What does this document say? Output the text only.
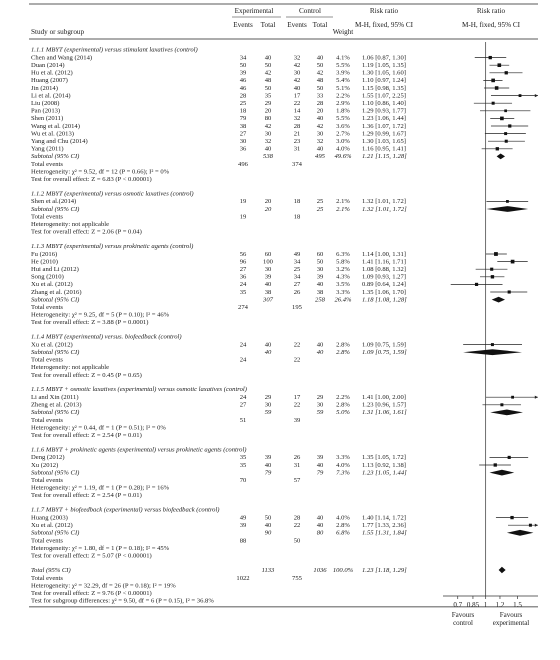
Experimental	Control	Risk ratio	Risk ratio
Study or subgroup
Events Total Events Total
Weight
M-H, fixed, 95% CI	M-H, fixed, 95% CI
1.1.1 MBYT (experimental) versus stimulant laxatives (control)
Chen and Wang (2014)	34	40	32 40 4.1% 1.06 [0.87, 1.30]
Duan (2014)	50	50	42 50 5.5% 1.19 [1.05, 1.35]
Hu et al. (2012)	39	42	30 42 3.9% 1.30 [1.05, 1.60]
Huang (2007)	46	48	42 48 5.4% 1.10 [0.97, 1.24]
Jin (2014)	46	50	40 50 5.1% 1.15 [0.98, 1.35]
Li et al. (2014)	28	35	17 33 2.2% 1.55 [1.07, 2.25]
Liu (2008)	25	29	22 28 2.9% 1.10 [0.86, 1.40]
Pan (2013)	18	20	14 20 1.8% 1.29 [0.93, 1.77]
Shen (2011)	79	80	32 40 5.5% 1.23 [1.06, 1.44]
Wang et al. (2014)	38	42	28 42 3.6% 1.36 [1.07, 1.72]
Wu et al. (2013)	27	30	21 30 2.7% 1.29 [0.99, 1.67]
Yang and Chu (2014)	30	32	23 32 3.0% 1.30 [1.03, 1.65]
Yang (2011)	36	40	31 40 4.0% 1.16 [0.95, 1.41]
Subtotal (95% CI)	538	495 49.6% 1.21 [1.15, 1.28]
Total events	496	374
Heterogeneity: χ² = 9.52, df = 12 (P = 0.66); I² = 0%
Test for overall effect: Z = 6.83 (P < 0.00001)
1.1.2 MBYT (experimental) versus osmotic laxatives (control)
Shen et al.(2014)	19	20	18 25 2.1% 1.32 [1.01, 1.72]
Subtotal (95% CI)	20	25 2.1% 1.32 [1.01, 1.72]
Total events	19	18
Heterogeneity: not applicable
Test for overall effect: Z = 2.06 (P = 0.04)
1.1.3 MBYT (experimental) versus prokinetic agents (control)
Fu (2016)	56	60	49 60 6.3% 1.14 [1.00, 1.31]
He (2010)	96	100	34 50 5.8% 1.41 [1.16, 1.71]
Hui and Li (2012)	27	30	25 30 3.2% 1.08 [0.88, 1.32]
Song (2010)	36	39	34 39 4.3% 1.09 [0.93, 1.27]
Xu et al. (2012)	24	40	27 40 3.5% 0.89 [0.64, 1.24]
Zhang et al. (2016)	35	38	26 38 3.3% 1.35 [1.06, 1.70]
Subtotal (95% CI)	307	258 26.4% 1.18 [1.08, 1.28]
Total events	274	195
Heterogeneity: χ² = 9.25, df = 5 (P = 0.10); I² = 46%
Test for overall effect: Z = 3.88 (P = 0.0001)
1.1.4 MBYT (experimental) versus. biofeedback (control)
Xu et al. (2012)	24	40	22 40 2.8% 1.09 [0.75, 1.59]
Subtotal (95% CI)	40	40 2.8% 1.09 [0.75, 1.59]
Total events	24	22
Heterogeneity: not applicable
Test for overall effect: Z = 0.45 (P = 0.65)
1.1.5 MBYT + osmotic laxatives (experimental) versus osmotic laxatives (control)
Li and Xin (2011)	24	29	17 29 2.2% 1.41 [1.00, 2.00]
Zheng et al. (2013)	27	30	22 30 2.8% 1.23 [0.96, 1.57]
Subtotal (95% CI)	59	59 5.0% 1.31 [1.06, 1.61]
Total events	51	39
Heterogeneity: χ² = 0.44, df = 1 (P = 0.51); I² = 0%
Test for overall effect: Z = 2.54 (P = 0.01)
1.1.6 MBYT + prokinetic agents (experimental) versus prokinetic agents (control)
Deng (2012)	35	39	26 39 3.3% 1.35 [1.05, 1.72]
Xu (2012)	35	40	31 40 4.0% 1.13 [0.92, 1.38]
Subtotal (95% CI)	79	79 7.3% 1.23 [1.05, 1.44]
Total events	70	57
Heterogeneity: χ² = 1.19, df = 1 (P = 0.28); I² = 16%
Test for overall effect: Z = 2.54 (P = 0.01)
1.1.7 MBYT + biofeedback (experimental) versus biofeedback (control)
Huang (2003)	49	50	28 40 4.0% 1.40 [1.14, 1.72]
Xu et al. (2012)	39	40	22 40 2.8% 1.77 [1.33, 2.36]
Subtotal (95% CI)	90	80 6.8% 1.55 [1.31, 1.84]
Total events	88	50
Heterogeneity: χ² = 1.80, df = 1 (P = 0.18); I² = 45%
Test for overall effect: Z = 5.07 (P < 0.00001)
Total (95% CI)	1133	1036 100.0% 1.23 [1.18, 1.29]
Total events	1022	755
Heterogeneity: χ² = 32.29, df = 26 (P = 0.18); I² = 19%
Test for overall effect: Z = 9.76 (P < 0.00001)
Test for subgroup differences: χ² = 9.50, df = 6 (P = 0.15), I² = 36.8%	0.7 0.85 1 1.2 1.5
Favours
control
Favours
experimental
